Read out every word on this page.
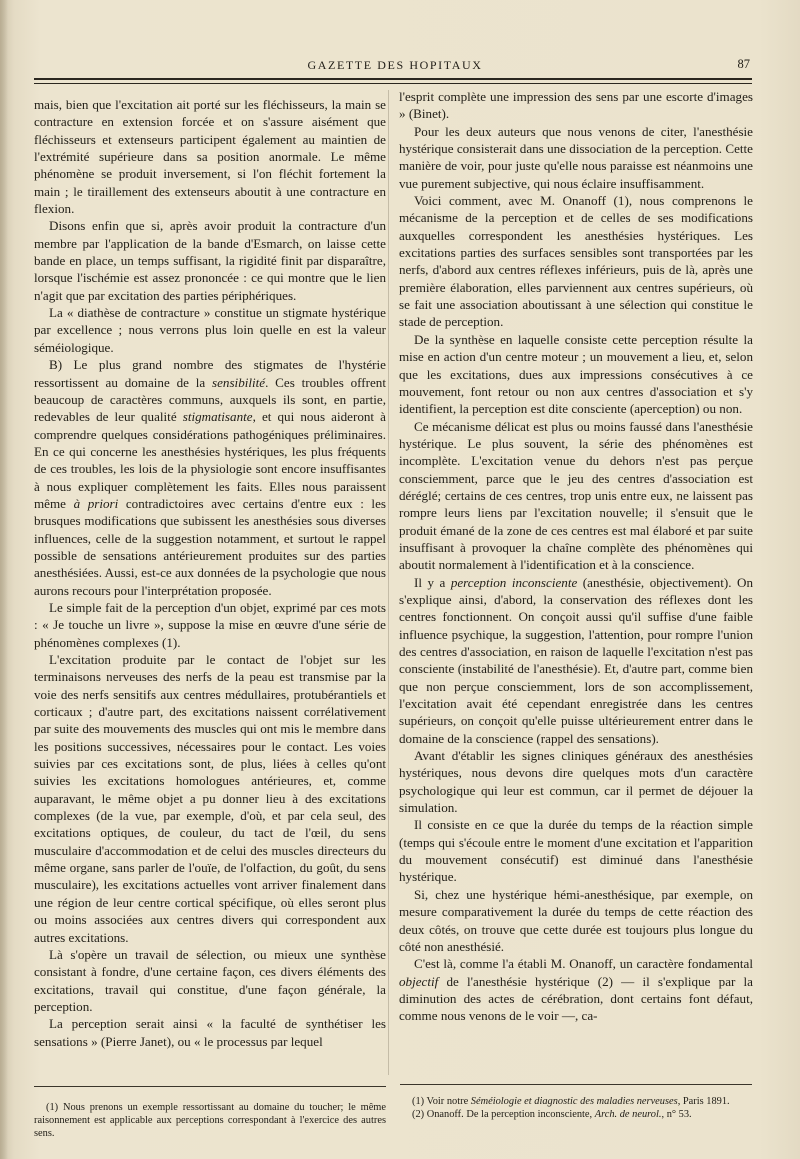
GAZETTE DES HOPITAUX	87

mais, bien que l'excitation ait porté sur les fléchisseurs, la main se contracture en extension forcée et on s'assure aisément que fléchisseurs et extenseurs participent également au maintien de l'extrémité supérieure dans sa position anormale. Le même phénomène se produit inversement, si l'on fléchit fortement la main ; le tiraillement des extenseurs aboutit à une contracture en flexion.

Disons enfin que si, après avoir produit la contracture d'un membre par l'application de la bande d'Esmarch, on laisse cette bande en place, un temps suffisant, la rigidité finit par disparaître, lorsque l'ischémie est assez prononcée : ce qui montre que le lien n'agit que par excitation des parties périphériques.

La « diathèse de contracture » constitue un stigmate hystérique par excellence ; nous verrons plus loin quelle en est la valeur séméiologique.

B) Le plus grand nombre des stigmates de l'hystérie ressortissent au domaine de la sensibilité. Ces troubles offrent beaucoup de caractères communs, auxquels ils sont, en partie, redevables de leur qualité stigmatisante, et qui nous aideront à comprendre quelques considérations pathogéniques préliminaires. En ce qui concerne les anesthésies hystériques, les plus fréquents de ces troubles, les lois de la physiologie sont encore insuffisantes à nous expliquer complètement les faits. Elles nous paraissent même à priori contradictoires avec certains d'entre eux : les brusques modifications que subissent les anesthésies sous diverses influences, celle de la suggestion notamment, et surtout le rappel possible de sensations antérieurement produites sur des parties anesthésiées. Aussi, est-ce aux données de la psychologie que nous aurons recours pour l'interprétation proposée.

Le simple fait de la perception d'un objet, exprimé par ces mots : « Je touche un livre », suppose la mise en œuvre d'une série de phénomènes complexes (1).

L'excitation produite par le contact de l'objet sur les terminaisons nerveuses des nerfs de la peau est transmise par la voie des nerfs sensitifs aux centres médullaires, protubérantiels et corticaux ; d'autre part, des excitations naissent corrélativement par suite des mouvements des muscles qui ont mis le membre dans les positions successives, nécessaires pour le contact. Les voies suivies par ces excitations sont, de plus, liées à celles qu'ont suivies les excitations homologues antérieures, et, comme auparavant, le même objet a pu donner lieu à des excitations complexes (de la vue, par exemple, d'où, et par cela seul, des excitations optiques, de couleur, du tact de l'œil, du sens musculaire d'accommodation et de celui des muscles directeurs du même organe, sans parler de l'ouïe, de l'olfaction, du goût, du sens musculaire), les excitations actuelles vont arriver finalement dans une région de leur centre cortical spécifique, où elles seront plus ou moins associées aux centres divers qui correspondent aux autres excitations.

Là s'opère un travail de sélection, ou mieux une synthèse consistant à fondre, d'une certaine façon, ces divers éléments des excitations, travail qui constitue, d'une façon générale, la perception.

La perception serait ainsi « la faculté de synthétiser les sensations » (Pierre Janet), ou « le processus par lequel

(1) Nous prenons un exemple ressortissant au domaine du toucher; le même raisonnement est applicable aux perceptions correspondant à l'exercice des autres sens.

l'esprit complète une impression des sens par une escorte d'images » (Binet).

Pour les deux auteurs que nous venons de citer, l'anesthésie hystérique consisterait dans une dissociation de la perception. Cette manière de voir, pour juste qu'elle nous paraisse est néanmoins une vue purement subjective, qui nous éclaire insuffisamment.

Voici comment, avec M. Onanoff (1), nous comprenons le mécanisme de la perception et de celles de ses modifications auxquelles correspondent les anesthésies hystériques. Les excitations parties des surfaces sensibles sont transportées par les nerfs, d'abord aux centres réflexes inférieurs, puis de là, après une première élaboration, elles parviennent aux centres supérieurs, où se fait une association aboutissant à une sélection qui constitue le stade de perception.

De la synthèse en laquelle consiste cette perception résulte la mise en action d'un centre moteur ; un mouvement a lieu, et, selon que les excitations, dues aux impressions consécutives à ce mouvement, font retour ou non aux centres d'association et s'y identifient, la perception est dite consciente (aperception) ou non.

Ce mécanisme délicat est plus ou moins faussé dans l'anesthésie hystérique. Le plus souvent, la série des phénomènes est incomplète. L'excitation venue du dehors n'est pas perçue consciemment, parce que le jeu des centres d'association est déréglé; certains de ces centres, trop unis entre eux, ne laissent pas rompre leurs liens par l'excitation nouvelle; il s'ensuit que le produit émané de la zone de ces centres est mal élaboré et par suite insuffisant à provoquer la chaîne complète des phénomènes qui aboutit normalement à l'identification et à la conscience.

Il y a perception inconsciente (anesthésie, objectivement). On s'explique ainsi, d'abord, la conservation des réflexes dont les centres fonctionnent. On conçoit aussi qu'il suffise d'une faible influence psychique, la suggestion, l'attention, pour rompre l'union des centres d'association, en raison de laquelle l'excitation n'est pas consciente (instabilité de l'anesthésie). Et, d'autre part, comme bien que non perçue consciemment, lors de son accomplissement, l'excitation avait été cependant enregistrée dans les centres supérieurs, on conçoit qu'elle puisse ultérieurement entrer dans le domaine de la conscience (rappel des sensations).

Avant d'établir les signes cliniques généraux des anesthésies hystériques, nous devons dire quelques mots d'un caractère psychologique qui leur est commun, car il permet de déjouer la simulation.

Il consiste en ce que la durée du temps de la réaction simple (temps qui s'écoule entre le moment d'une excitation et l'apparition du mouvement consécutif) est diminué dans l'anesthésie hystérique.

Si, chez une hystérique hémi-anesthésique, par exemple, on mesure comparativement la durée du temps de cette réaction des deux côtés, on trouve que cette durée est toujours plus longue du côté non anesthésié.

C'est là, comme l'a établi M. Onanoff, un caractère fondamental objectif de l'anesthésie hystérique (2) — il s'explique par la diminution des actes de cérébration, dont certains font défaut, comme nous venons de le voir —, ca-

(1) Voir notre Séméiologie et diagnostic des maladies nerveuses, Paris 1891.

(2) Onanoff. De la perception inconsciente, Arch. de neurol., n° 53.
